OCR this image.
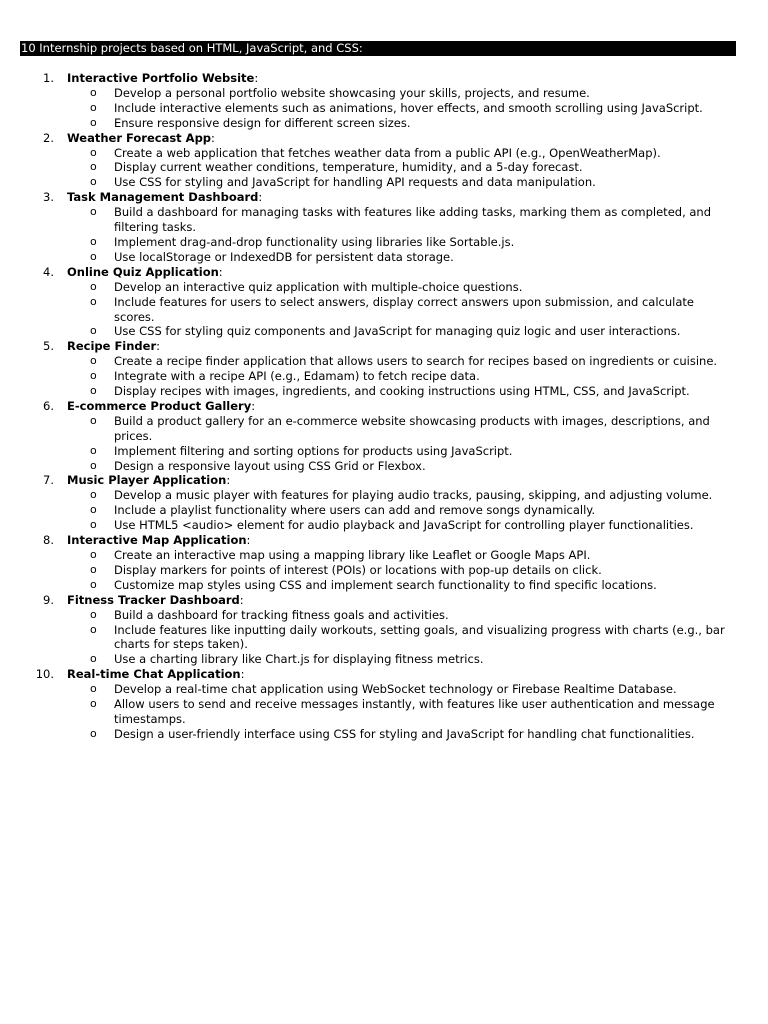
10 Internship projects based on HTML, JavaScript, and CSS:
1. Interactive Portfolio Website:
o Develop a personal portfolio website showcasing your skills, projects, and resume.
o Include interactive elements such as animations, hover effects, and smooth scrolling using JavaScript.
o Ensure responsive design for different screen sizes.
2. Weather Forecast App:
o Create a web application that fetches weather data from a public API (e.g., OpenWeatherMap).
o Display current weather conditions, temperature, humidity, and a 5-day forecast.
o Use CSS for styling and JavaScript for handling API requests and data manipulation.
3. Task Management Dashboard:
o Build a dashboard for managing tasks with features like adding tasks, marking them as completed, and filtering tasks.
o Implement drag-and-drop functionality using libraries like Sortable.js.
o Use localStorage or IndexedDB for persistent data storage.
4. Online Quiz Application:
o Develop an interactive quiz application with multiple-choice questions.
o Include features for users to select answers, display correct answers upon submission, and calculate scores.
o Use CSS for styling quiz components and JavaScript for managing quiz logic and user interactions.
5. Recipe Finder:
o Create a recipe finder application that allows users to search for recipes based on ingredients or cuisine.
o Integrate with a recipe API (e.g., Edamam) to fetch recipe data.
o Display recipes with images, ingredients, and cooking instructions using HTML, CSS, and JavaScript.
6. E-commerce Product Gallery:
o Build a product gallery for an e-commerce website showcasing products with images, descriptions, and prices.
o Implement filtering and sorting options for products using JavaScript.
o Design a responsive layout using CSS Grid or Flexbox.
7. Music Player Application:
o Develop a music player with features for playing audio tracks, pausing, skipping, and adjusting volume.
o Include a playlist functionality where users can add and remove songs dynamically.
o Use HTML5 <audio> element for audio playback and JavaScript for controlling player functionalities.
8. Interactive Map Application:
o Create an interactive map using a mapping library like Leaflet or Google Maps API.
o Display markers for points of interest (POIs) or locations with pop-up details on click.
o Customize map styles using CSS and implement search functionality to find specific locations.
9. Fitness Tracker Dashboard:
o Build a dashboard for tracking fitness goals and activities.
o Include features like inputting daily workouts, setting goals, and visualizing progress with charts (e.g., bar charts for steps taken).
o Use a charting library like Chart.js for displaying fitness metrics.
10. Real-time Chat Application:
o Develop a real-time chat application using WebSocket technology or Firebase Realtime Database.
o Allow users to send and receive messages instantly, with features like user authentication and message timestamps.
o Design a user-friendly interface using CSS for styling and JavaScript for handling chat functionalities.
